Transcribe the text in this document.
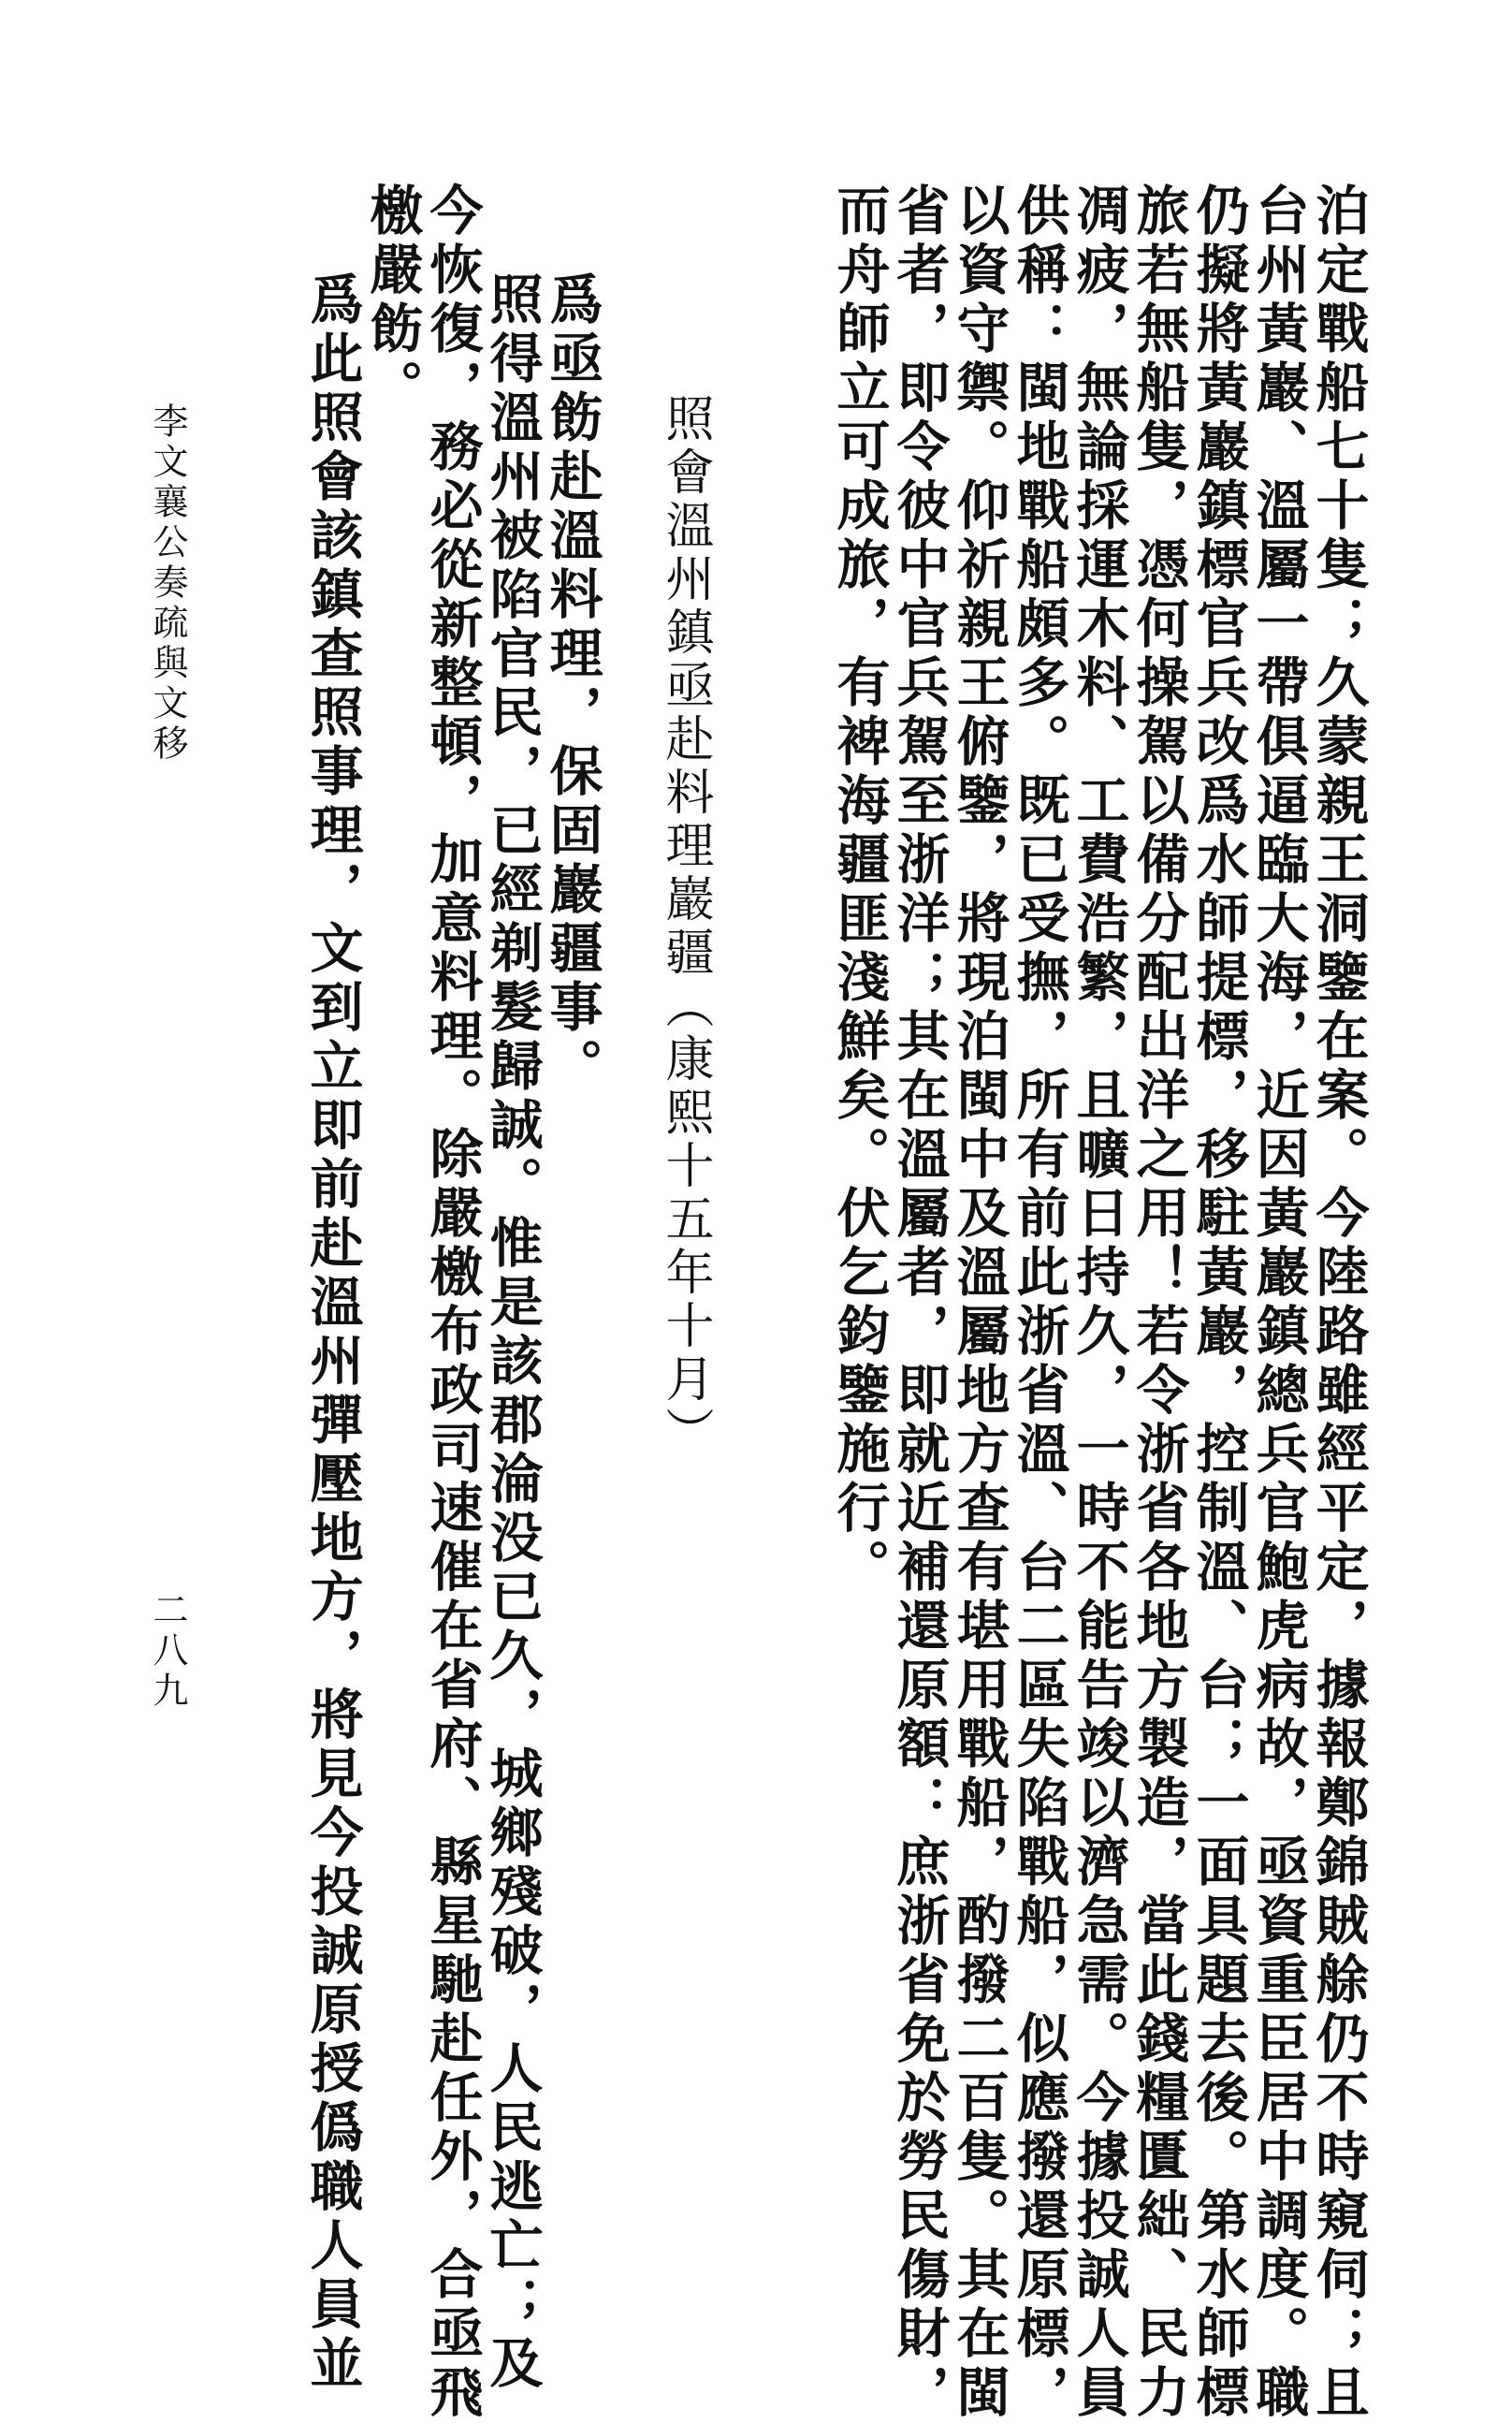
泊定戰船七十隻；久蒙親王洞鑒在案。今陸路雖經平定，據報鄭錦賊艅仍不時窺伺；且

台州黃巖、溫屬一帶俱逼臨大海，近因黃巖鎮總兵官鮑虎病故，亟資重臣居中調度。職

仍擬將黃巖鎮標官兵改爲水師提標，移駐黃巖，控制溫、台；一面具題去後。第水師標

旅若無船隻，憑何操駕以備分配出洋之用！若令浙省各地方製造，當此錢糧匱絀、民力

凋疲，無論採運木料、工費浩繁，且曠日持久，一時不能告竣以濟急需。今據投誠人員

供稱：閩地戰船頗多。既已受撫，所有前此浙省溫、台二區失陷戰船，似應撥還原標，

以資守禦。仰祈親王俯鑒，將現泊閩中及溫屬地方查有堪用戰船，酌撥二百隻。其在閩

省者，即令彼中官兵駕至浙洋；其在溫屬者，即就近補還原額：庶浙省免於勞民傷財，

而舟師立可成旅，有裨海疆匪淺鮮矣。伏乞鈞鑒施行。

照會溫州鎮亟赴料理巖疆（康熙十五年十月）

爲亟飭赴溫料理，保固巖疆事。

照得溫州被陷官民，已經剃髮歸誠。惟是該郡淪没已久，城鄉殘破，人民逃亡；及

今恢復，務必從新整頓，加意料理。除嚴檄布政司速催在省府、縣星馳赴任外，合亟飛

檄嚴飭。

爲此照會該鎮查照事理，文到立即前赴溫州彈壓地方，將見今投誠原授僞職人員並

李文襄公奏疏與文移

二八九
